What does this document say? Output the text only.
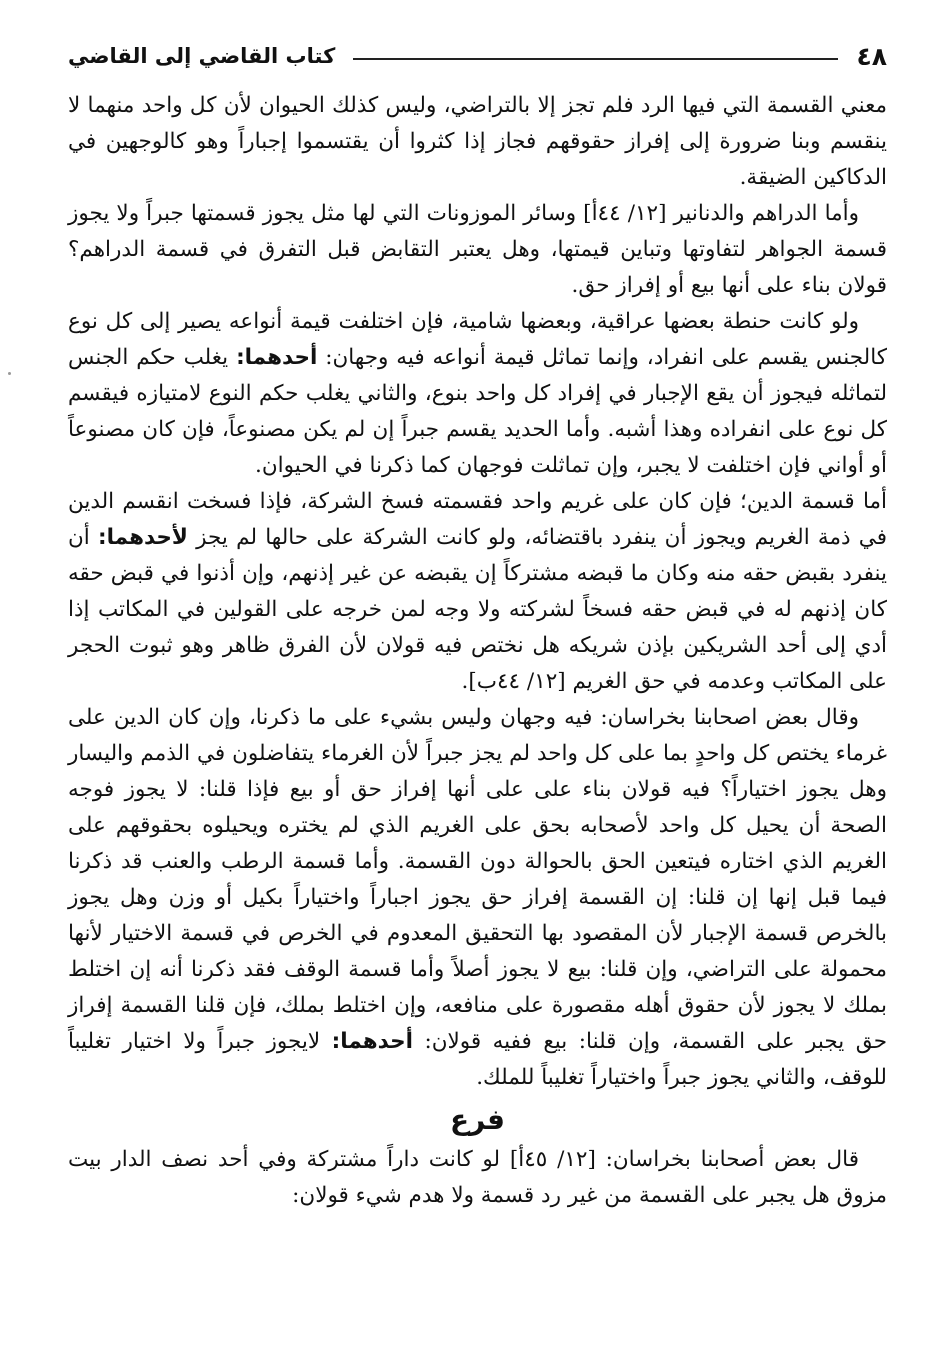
٤٨
كتاب القاضي إلى القاضي

معني القسمة التي فيها الرد فلم تجز إلا بالتراضي، وليس كذلك الحيوان لأن كل واحد منهما لا ينقسم وبنا ضرورة إلى إفراز حقوقهم فجاز إذا كثروا أن يقتسموا إجباراً وهو كالوجهين في الدكاكين الضيقة.

وأما الدراهم والدنانير [١٢/ ٤٤أ] وسائر الموزونات التي لها مثل يجوز قسمتها جبراً ولا يجوز قسمة الجواهر لتفاوتها وتباين قيمتها، وهل يعتبر التقابض قبل التفرق في قسمة الدراهم؟ قولان بناء على أنها بيع أو إفراز حق.

ولو كانت حنطة بعضها عراقية، وبعضها شامية، فإن اختلفت قيمة أنواعه يصير إلى كل نوع كالجنس يقسم على انفراد، وإنما تماثل قيمة أنواعه فيه وجهان: أحدهما: يغلب حكم الجنس لتماثله فيجوز أن يقع الإجبار في إفراد كل واحد بنوع، والثاني يغلب حكم النوع لامتيازه فيقسم كل نوع على انفراده وهذا أشبه. وأما الحديد يقسم جبراً إن لم يكن مصنوعاً، فإن كان مصنوعاً أو أواني فإن اختلفت لا يجبر، وإن تماثلت فوجهان كما ذكرنا في الحيوان.

أما قسمة الدين؛ فإن كان على غريم واحد فقسمته فسخ الشركة، فإذا فسخت انقسم الدين في ذمة الغريم ويجوز أن ينفرد باقتضائه، ولو كانت الشركة على حالها لم يجز لأحدهما: أن ينفرد بقبض حقه منه وكان ما قبضه مشتركاً إن يقبضه عن غير إذنهم، وإن أذنوا في قبض حقه كان إذنهم له في قبض حقه فسخاً لشركته ولا وجه لمن خرجه على القولين في المكاتب إذا أدي إلى أحد الشريكين بإذن شريكه هل نختص فيه قولان لأن الفرق ظاهر وهو ثبوت الحجر على المكاتب وعدمه في حق الغريم [١٢/ ٤٤ب].

وقال بعض اصحابنا بخراسان: فيه وجهان وليس بشيء على ما ذكرنا، وإن كان الدين على غرماء يختص كل واحدٍ بما على كل واحد لم يجز جبراً لأن الغرماء يتفاضلون في الذمم واليسار وهل يجوز اختياراً؟ فيه قولان بناء على على أنها إفراز حق أو بيع فإذا قلنا: لا يجوز فوجه الصحة أن يحيل كل واحد لأصحابه بحق على الغريم الذي لم يختره ويحيلوه بحقوقهم على الغريم الذي اختاره فيتعين الحق بالحوالة دون القسمة. وأما قسمة الرطب والعنب قد ذكرنا فيما قبل إنها إن قلنا: إن القسمة إفراز حق يجوز اجباراً واختياراً بكيل أو وزن وهل يجوز بالخرص قسمة الإجبار لأن المقصود بها التحقيق المعدوم في الخرص في قسمة الاختيار لأنها محمولة على التراضي، وإن قلنا: بيع لا يجوز أصلاً وأما قسمة الوقف فقد ذكرنا أنه إن اختلط بملك لا يجوز لأن حقوق أهله مقصورة على منافعه، وإن اختلط بملك، فإن قلنا القسمة إفراز حق يجبر على القسمة، وإن قلنا: بيع ففيه قولان: أحدهما: لايجوز جبراً ولا اختيار تغليباً للوقف، والثاني يجوز جبراً واختياراً تغليباً للملك.

فرع

قال بعض أصحابنا بخراسان: [١٢/ ٤٥أ] لو كانت داراً مشتركة وفي أحد نصف الدار بيت مزوق هل يجبر على القسمة من غير رد قسمة ولا هدم شيء قولان:
